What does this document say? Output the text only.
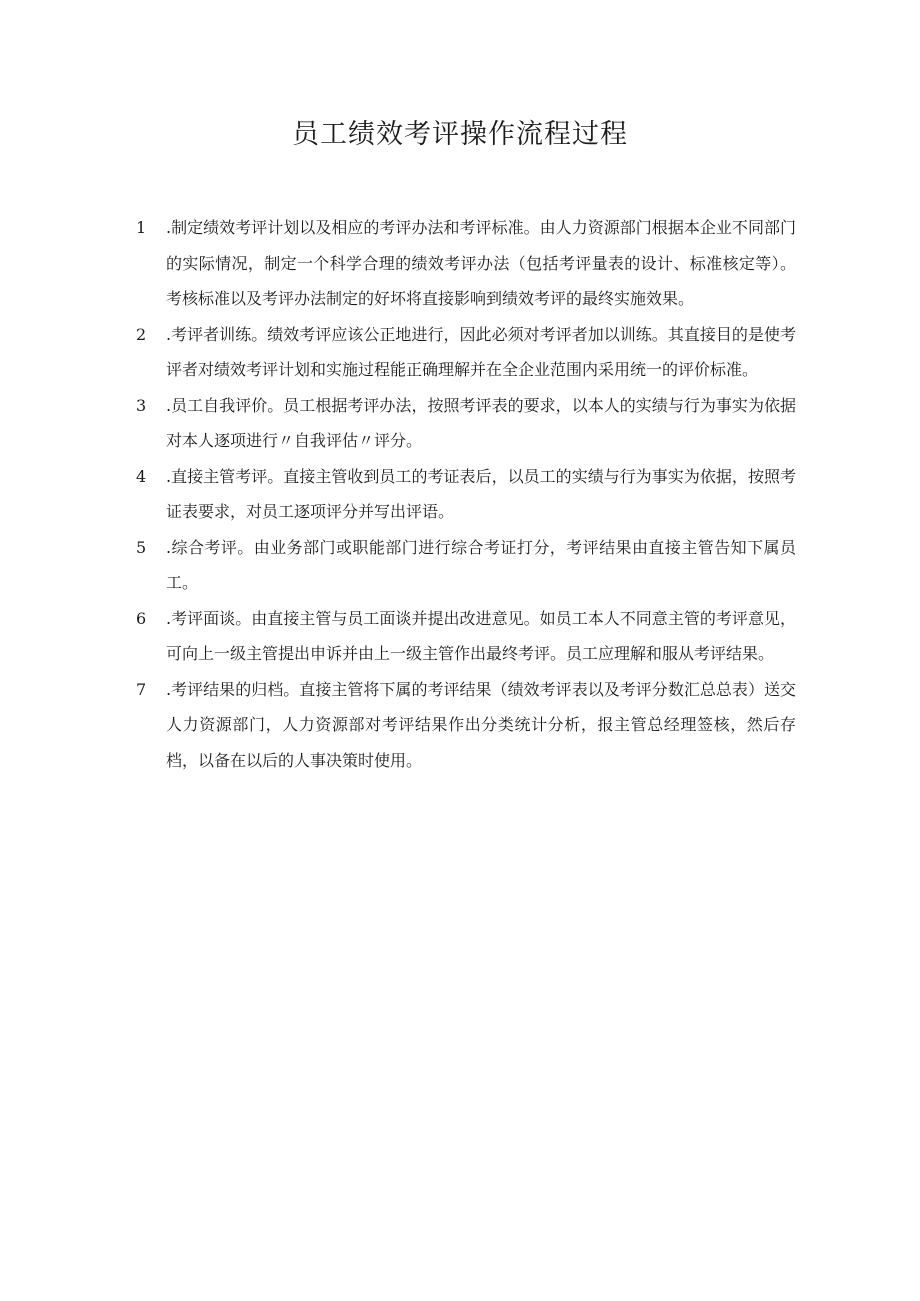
员工绩效考评操作流程过程
1	.制定绩效考评计划以及相应的考评办法和考评标准。由人力资源部门根据本企业不同部门的实际情况，制定一个科学合理的绩效考评办法（包括考评量表的设计、标准核定等）。考核标准以及考评办法制定的好坏将直接影响到绩效考评的最终实施效果。
2	.考评者训练。绩效考评应该公正地进行，因此必须对考评者加以训练。其直接目的是使考评者对绩效考评计划和实施过程能正确理解并在全企业范围内采用统一的评价标准。
3	.员工自我评价。员工根据考评办法，按照考评表的要求，以本人的实绩与行为事实为依据对本人逐项进行〃自我评估〃评分。
4	.直接主管考评。直接主管收到员工的考证表后，以员工的实绩与行为事实为依据，按照考证表要求，对员工逐项评分并写出评语。
5	.综合考评。由业务部门或职能部门进行综合考证打分，考评结果由直接主管告知下属员工。
6	.考评面谈。由直接主管与员工面谈并提出改进意见。如员工本人不同意主管的考评意见，可向上一级主管提出申诉并由上一级主管作出最终考评。员工应理解和服从考评结果。
7	.考评结果的归档。直接主管将下属的考评结果（绩效考评表以及考评分数汇总总表）送交人力资源部门，人力资源部对考评结果作出分类统计分析，报主管总经理签核，然后存档，以备在以后的人事决策时使用。
